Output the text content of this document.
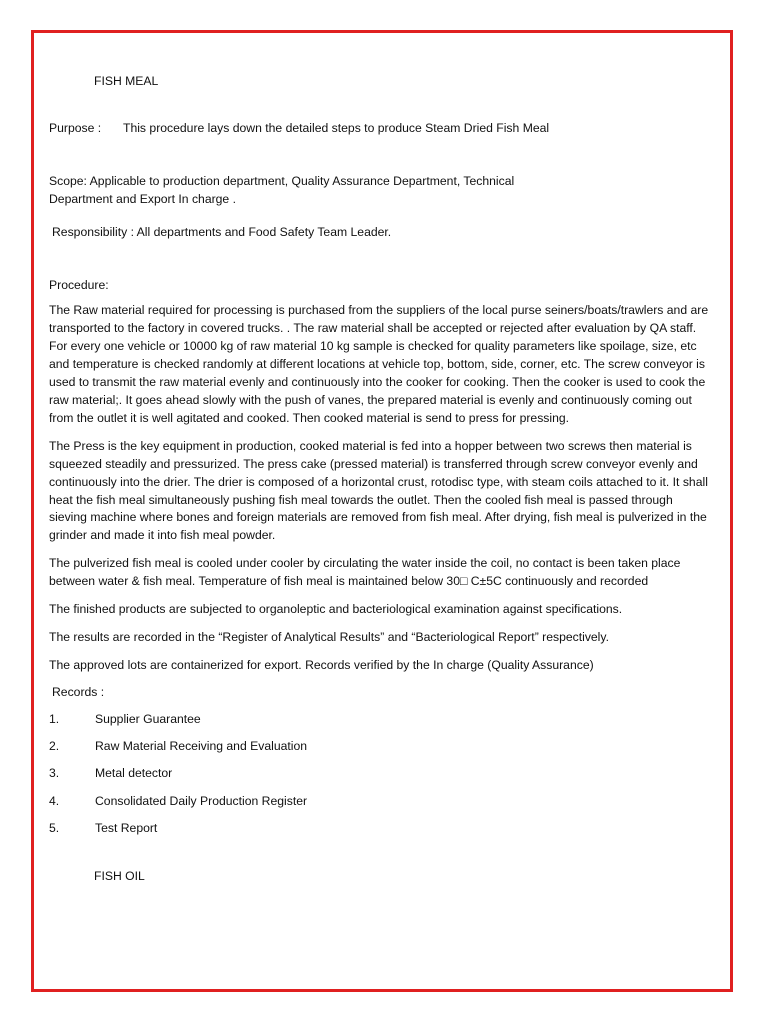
FISH MEAL
Purpose : This procedure lays down the detailed steps to produce Steam Dried Fish Meal
Scope: Applicable to production department, Quality Assurance Department, Technical
Department and Export In charge .
Responsibility : All departments and Food Safety Team Leader.
Procedure:

The Raw material required for processing is purchased from the suppliers of the local purse seiners/boats/trawlers and are transported to the factory in covered trucks. . The raw material shall be accepted or rejected after evaluation by QA staff. For every one vehicle or 10000 kg of raw material 10 kg sample is checked for quality parameters like spoilage, size, etc and temperature is checked randomly at different locations at vehicle top, bottom, side, corner, etc. The screw conveyor is used to transmit the raw material evenly and continuously into the cooker for cooking. Then the cooker is used to cook the raw material;. It goes ahead slowly with the push of vanes, the prepared material is evenly and continuously coming out from the outlet it is well agitated and cooked. Then cooked material is send to press for pressing.

The Press is the key equipment in production, cooked material is fed into a hopper between two screws then material is squeezed steadily and pressurized. The press cake (pressed material) is transferred through screw conveyor evenly and continuously into the drier. The drier is composed of a horizontal crust, rotodisc type, with steam coils attached to it. It shall heat the fish meal simultaneously pushing fish meal towards the outlet. Then the cooled fish meal is passed through sieving machine where bones and foreign materials are removed from fish meal. After drying, fish meal is pulverized in the grinder and made it into fish meal powder.

The pulverized fish meal is cooled under cooler by circulating the water inside the coil, no contact is been taken place between water & fish meal. Temperature of fish meal is maintained below 30□ C±5C continuously and recorded

The finished products are subjected to organoleptic and bacteriological examination against specifications.

The results are recorded in the “Register of Analytical Results” and “Bacteriological Report” respectively.

The approved lots are containerized for export. Records verified by the In charge (Quality Assurance)

Records :
1.	Supplier Guarantee
2.	Raw Material Receiving and Evaluation
3.	Metal detector
4.	Consolidated Daily Production Register
5.	Test Report
FISH OIL
